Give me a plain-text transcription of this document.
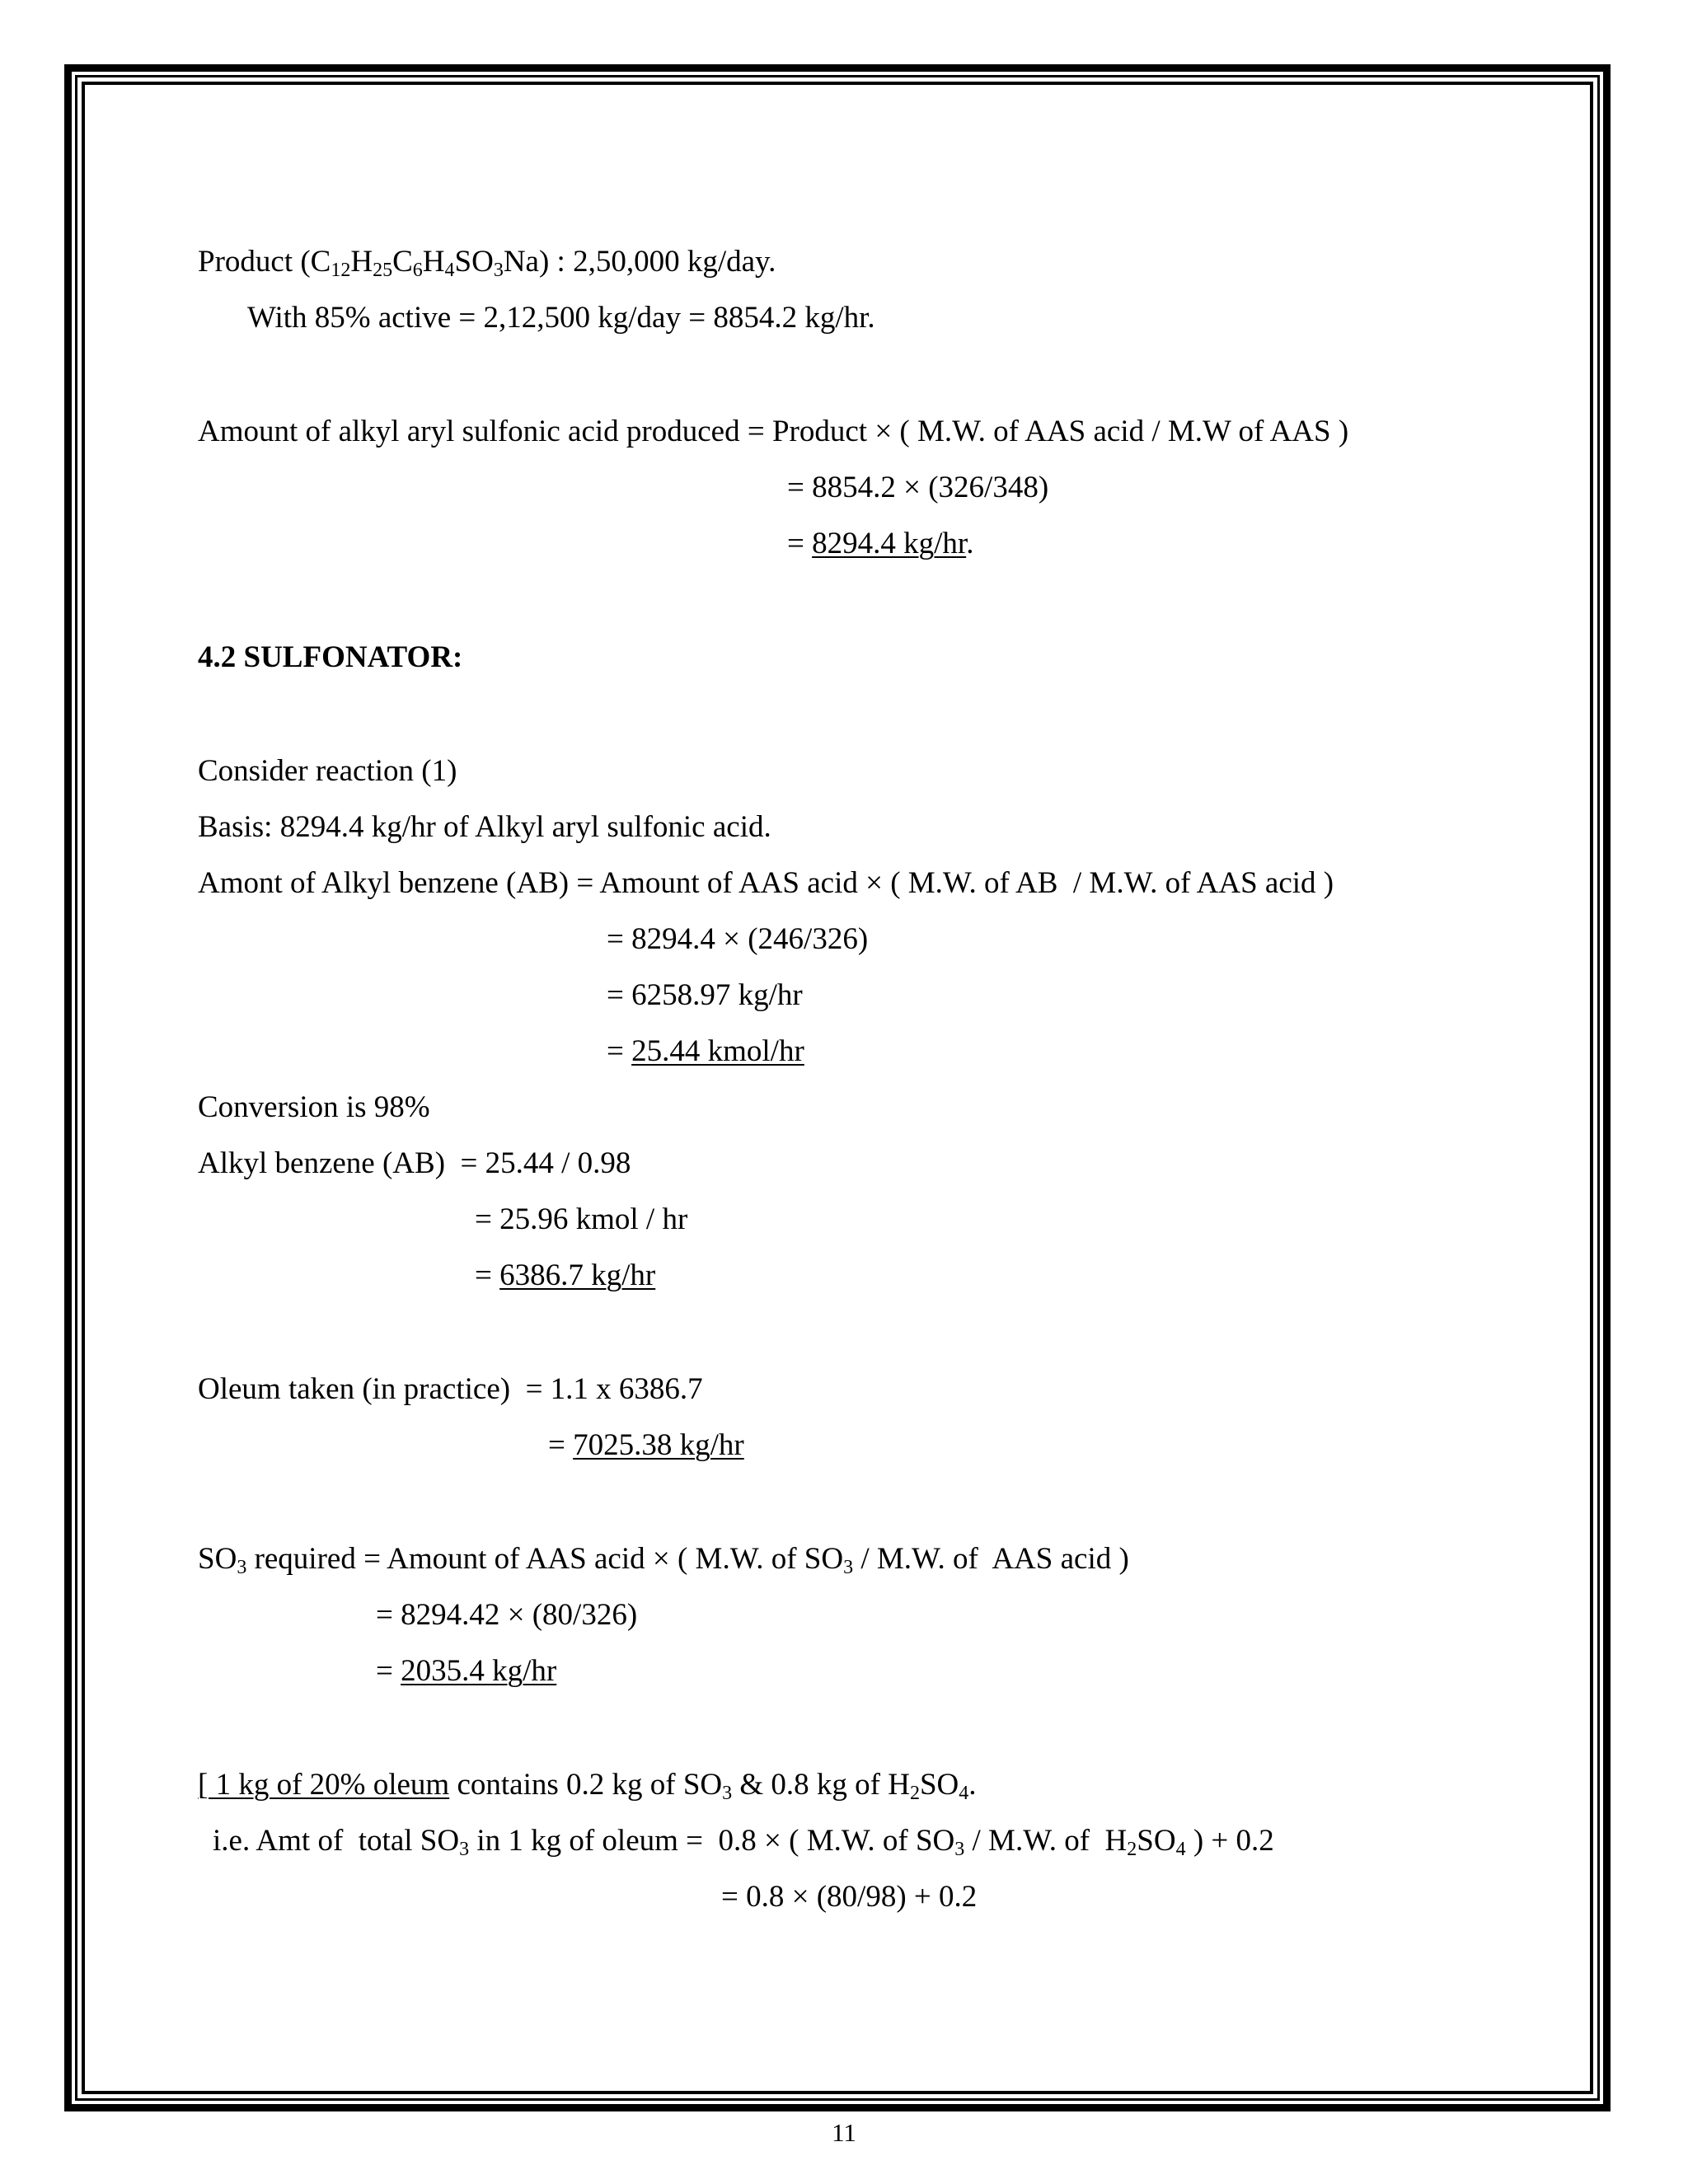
Product $(C_{12}H_{25}C_6H_4SO_3Na)$ : 2,50,000 kg/day.
With 85% active = 2,12,500 kg/day = 8854.2 kg/hr.
Amount of alkyl aryl sulfonic acid produced = Product × ( M.W. of AAS acid / M.W of AAS )
= 8854.2 × (326/348)
= 8294.4 kg/hr.
4.2 SULFONATOR:
Consider reaction (1)
Basis: 8294.4 kg/hr of Alkyl aryl sulfonic acid.
Amont of Alkyl benzene (AB) = Amount of AAS acid × ( M.W. of AB  / M.W. of AAS acid )
= 8294.4 × (246/326)
= 6258.97 kg/hr
= 25.44 kmol/hr
Conversion is 98%
Alkyl benzene (AB)  = 25.44 / 0.98
= 25.96 kmol / hr
= 6386.7 kg/hr
Oleum taken (in practice)  = 1.1 x 6386.7
= 7025.38 kg/hr
$SO_3$ required = Amount of AAS acid × ( M.W. of $SO_3 / M.W$. of  AAS acid )
= 8294.42 × (80/326)
= 2035.4 kg/hr
[ 1 kg of 20% oleum contains 0.2 kg of $SO_3$ & 0.8 kg of $H_2SO_4$.
i.e. Amt of  total $SO_3$ in 1 kg of oleum =  0.8 × ( M.W. of $SO_3 / M.W$. of  $H_2SO_4$ ) + 0.2
= 0.8 × (80/98) + 0.2
11
